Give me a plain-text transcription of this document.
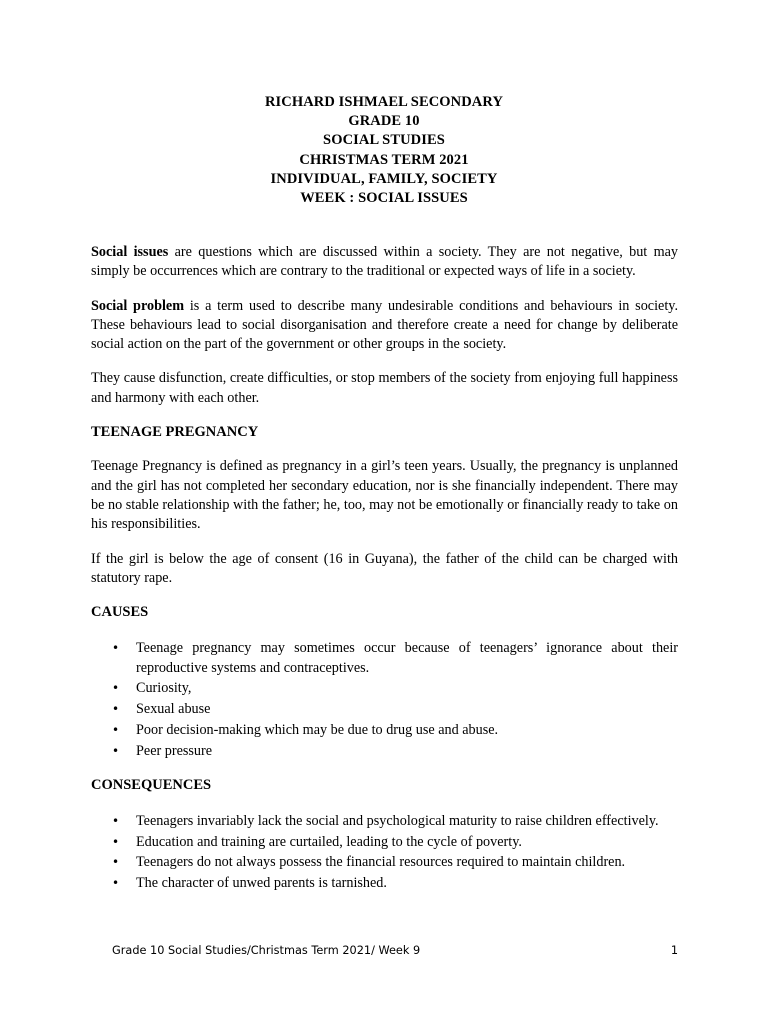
RICHARD ISHMAEL SECONDARY
GRADE 10
SOCIAL STUDIES
CHRISTMAS TERM 2021
INDIVIDUAL, FAMILY, SOCIETY
WEEK : SOCIAL ISSUES

Social issues are questions which are discussed within a society. They are not negative, but may simply be occurrences which are contrary to the traditional or expected ways of life in a society.

Social problem is a term used to describe many undesirable conditions and behaviours in society. These behaviours lead to social disorganisation and therefore create a need for change by deliberate social action on the part of the government or other groups in the society.

They cause disfunction, create difficulties, or stop members of the society from enjoying full happiness and harmony with each other.

TEENAGE PREGNANCY

Teenage Pregnancy is defined as pregnancy in a girl’s teen years. Usually, the pregnancy is unplanned and the girl has not completed her secondary education, nor is she financially independent. There may be no stable relationship with the father; he, too, may not be emotionally or financially ready to take on his responsibilities.

If the girl is below the age of consent (16 in Guyana), the father of the child can be charged with statutory rape.

CAUSES
• Teenage pregnancy may sometimes occur because of teenagers’ ignorance about their reproductive systems and contraceptives.
• Curiosity,
• Sexual abuse
• Poor decision-making which may be due to drug use and abuse.
• Peer pressure
CONSEQUENCES
• Teenagers invariably lack the social and psychological maturity to raise children effectively.
• Education and training are curtailed, leading to the cycle of poverty.
• Teenagers do not always possess the financial resources required to maintain children.
• The character of unwed parents is tarnished.
Grade 10 Social Studies/Christmas Term 2021/ Week 9	1
